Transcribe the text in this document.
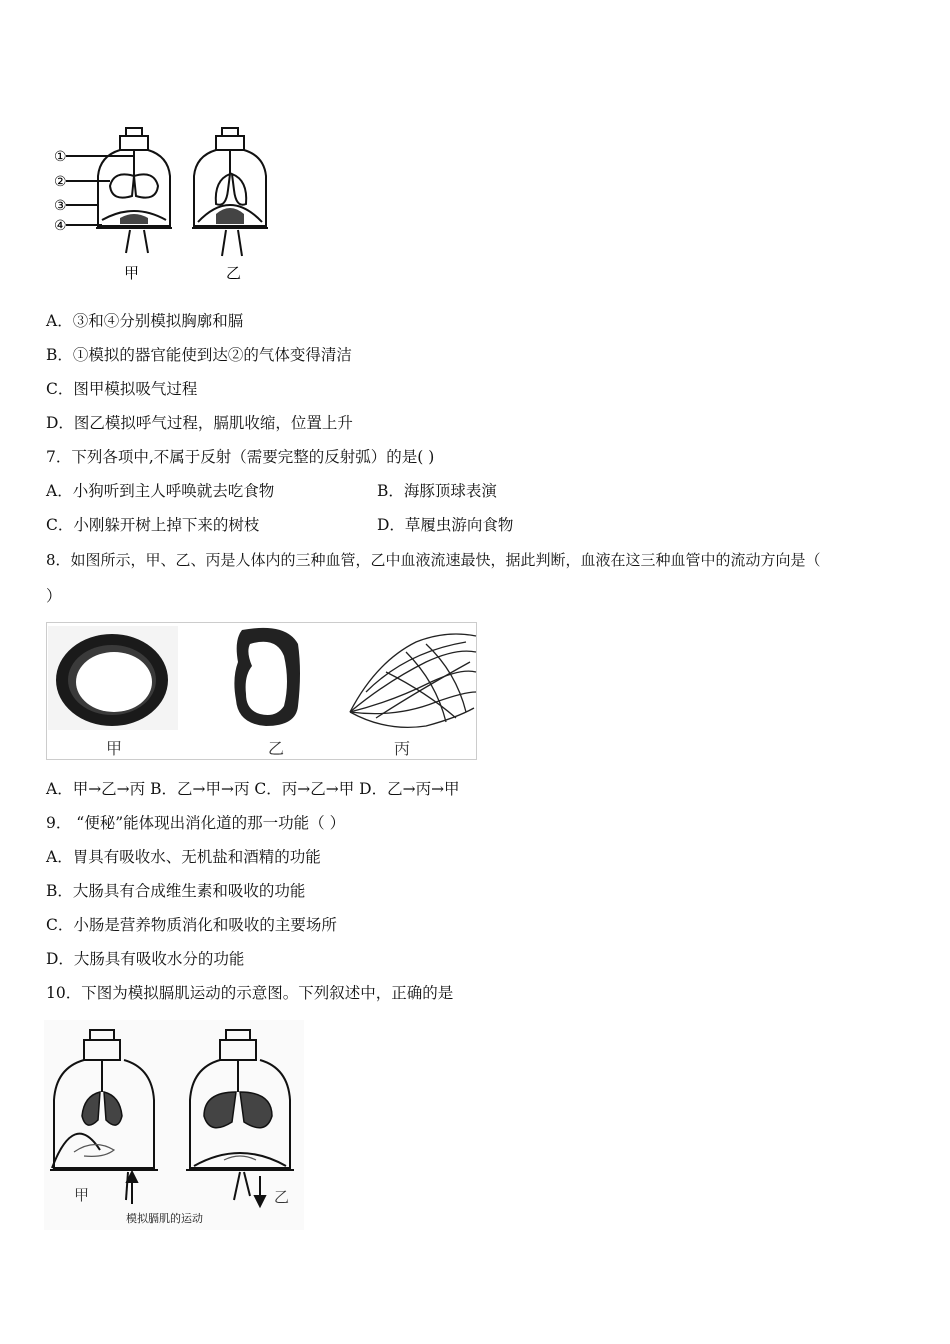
①
②
③
④
甲	乙
A．③和④分别模拟胸廓和膈
B．①模拟的器官能使到达②的气体变得清洁
C．图甲模拟吸气过程
D．图乙模拟呼气过程，膈肌收缩，位置上升
7．下列各项中,不属于反射（需要完整的反射弧）的是( )
A．小狗听到主人呼唤就去吃食物	B．海豚顶球表演
C．小刚躲开树上掉下来的树枝	D．草履虫游向食物
8．如图所示，甲、乙、丙是人体内的三种血管，乙中血液流速最快，据此判断，血液在这三种血管中的流动方向是（
）
甲	乙	丙
A．甲→乙→丙 B．乙→甲→丙 C．丙→乙→甲 D．乙→丙→甲
9． “便秘”能体现出消化道的那一功能（ ）
A．胃具有吸收水、无机盐和酒精的功能
B．大肠具有合成维生素和吸收的功能
C．小肠是营养物质消化和吸收的主要场所
D．大肠具有吸收水分的功能
10．下图为模拟膈肌运动的示意图。下列叙述中，正确的是
甲	乙
模拟膈肌的运动
